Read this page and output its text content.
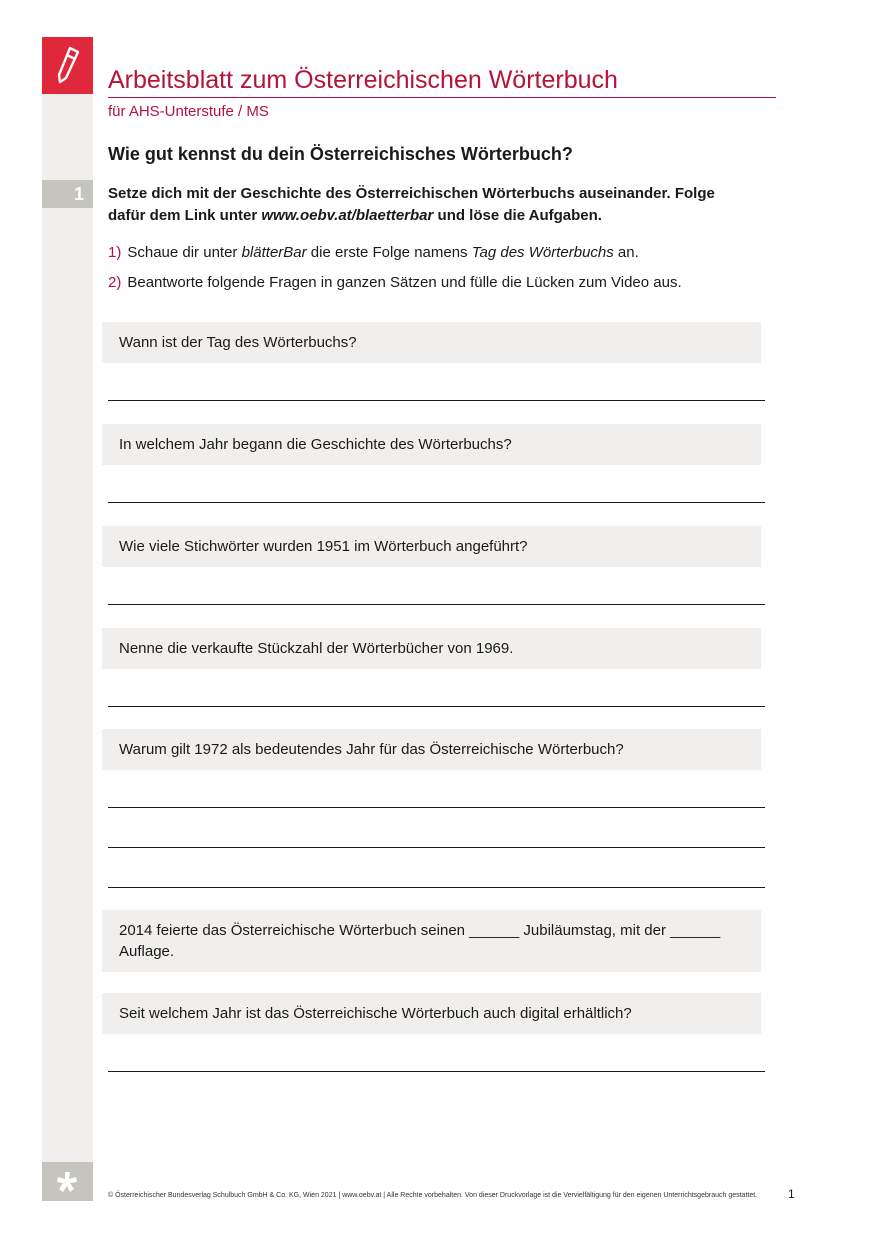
1
Arbeitsblatt zum Österreichischen Wörterbuch
für AHS-Unterstufe / MS
Wie gut kennst du dein Österreichisches Wörterbuch?
Setze dich mit der Geschichte des Österreichischen Wörterbuchs auseinander. Folge
dafür dem Link unter www.oebv.at/blaetterbar und löse die Aufgaben.
1) Schaue dir unter blätterBar die erste Folge namens Tag des Wörterbuchs an.
2) Beantworte folgende Fragen in ganzen Sätzen und fülle die Lücken zum Video aus.
Wann ist der Tag des Wörterbuchs?
In welchem Jahr begann die Geschichte des Wörterbuchs?
Wie viele Stichwörter wurden 1951 im Wörterbuch angeführt?
Nenne die verkaufte Stückzahl der Wörterbücher von 1969.
Warum gilt 1972 als bedeutendes Jahr für das Österreichische Wörterbuch?
2014 feierte das Österreichische Wörterbuch seinen ______ Jubiläumstag, mit der ______ Auflage.
Seit welchem Jahr ist das Österreichische Wörterbuch auch digital erhältlich?
© Österreichischer Bundesverlag Schulbuch GmbH & Co. KG, Wien 2021 | www.oebv.at | Alle Rechte vorbehalten. Von dieser Druckvorlage ist die Vervielfältigung für den eigenen Unterrichtsgebrauch gestattet.	1
